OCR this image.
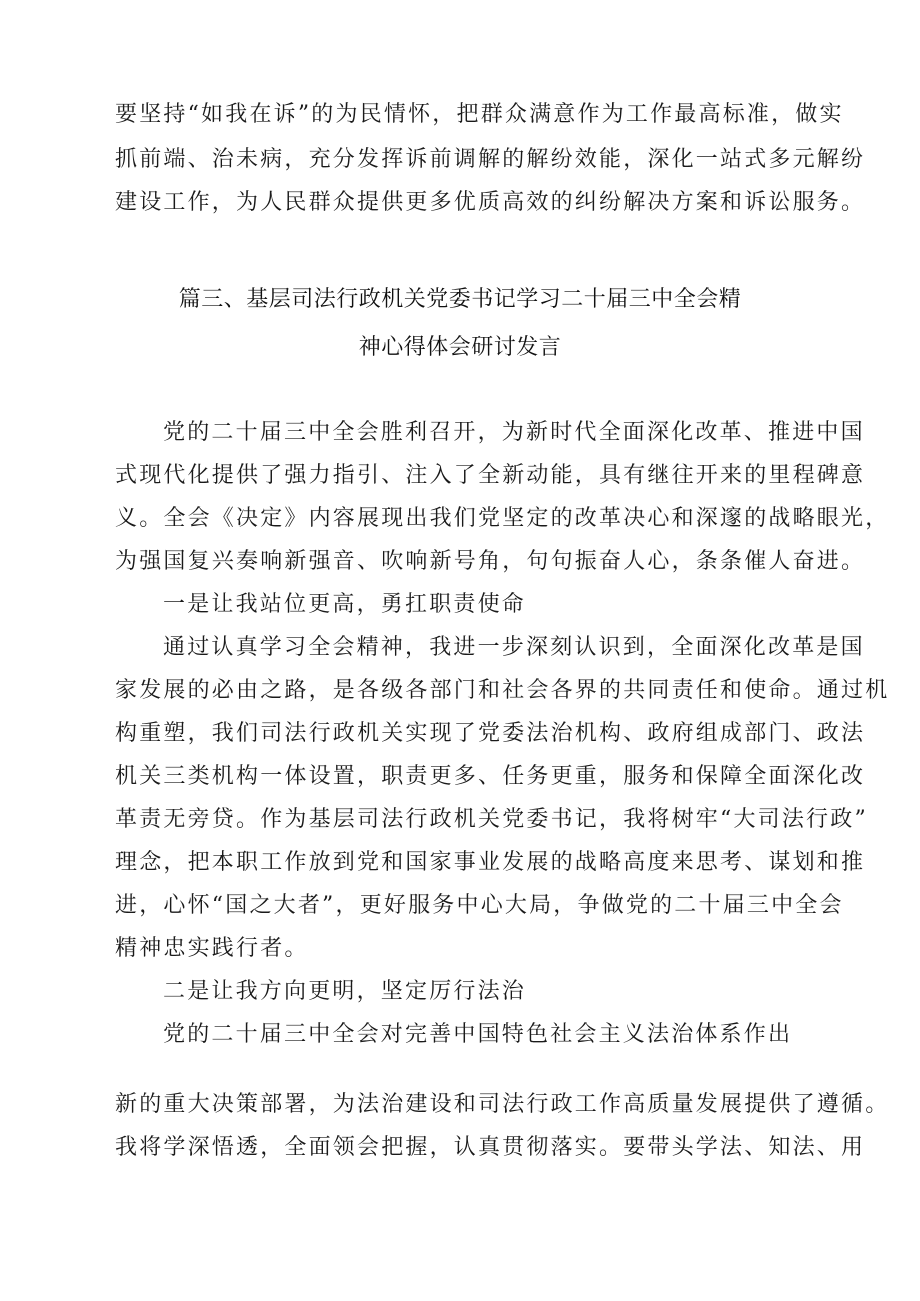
要坚持“如我在诉”的为民情怀，把群众满意作为工作最高标准，做实
抓前端、治未病，充分发挥诉前调解的解纷效能，深化一站式多元解纷
建设工作，为人民群众提供更多优质高效的纠纷解决方案和诉讼服务。
篇三、基层司法行政机关党委书记学习二十届三中全会精
神心得体会研讨发言
党的二十届三中全会胜利召开，为新时代全面深化改革、推进中国
式现代化提供了强力指引、注入了全新动能，具有继往开来的里程碑意
义。全会《决定》内容展现出我们党坚定的改革决心和深邃的战略眼光，
为强国复兴奏响新强音、吹响新号角，句句振奋人心，条条催人奋进。
一是让我站位更高，勇扛职责使命
通过认真学习全会精神，我进一步深刻认识到，全面深化改革是国
家发展的必由之路，是各级各部门和社会各界的共同责任和使命。通过机
构重塑，我们司法行政机关实现了党委法治机构、政府组成部门、政法
机关三类机构一体设置，职责更多、任务更重，服务和保障全面深化改
革责无旁贷。作为基层司法行政机关党委书记，我将树牢“大司法行政”
理念，把本职工作放到党和国家事业发展的战略高度来思考、谋划和推
进，心怀“国之大者”，更好服务中心大局，争做党的二十届三中全会
精神忠实践行者。
二是让我方向更明，坚定厉行法治
党的二十届三中全会对完善中国特色社会主义法治体系作出
新的重大决策部署，为法治建设和司法行政工作高质量发展提供了遵循。
我将学深悟透，全面领会把握，认真贯彻落实。要带头学法、知法、用
